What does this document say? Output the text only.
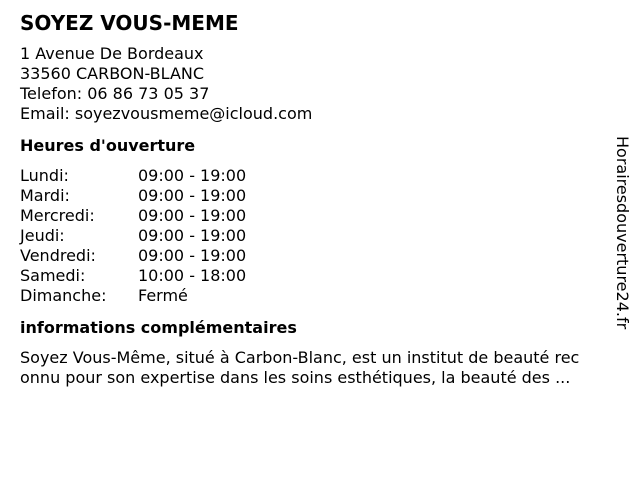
SOYEZ VOUS-MEME
1 Avenue De Bordeaux
33560 CARBON-BLANC
Telefon: 06 86 73 05 37
Email: soyezvousmeme@icloud.com
Heures d'ouverture
Lundi:	09:00 - 19:00
Mardi:	09:00 - 19:00
Mercredi:	09:00 - 19:00
Jeudi:	09:00 - 19:00
Vendredi:	09:00 - 19:00
Samedi:	10:00 - 18:00
Dimanche:	Fermé
informations complémentaires
Soyez Vous-Même, situé à Carbon-Blanc, est un institut de beauté rec
onnu pour son expertise dans les soins esthétiques, la beauté des ...
Horairesdouverture24.fr
